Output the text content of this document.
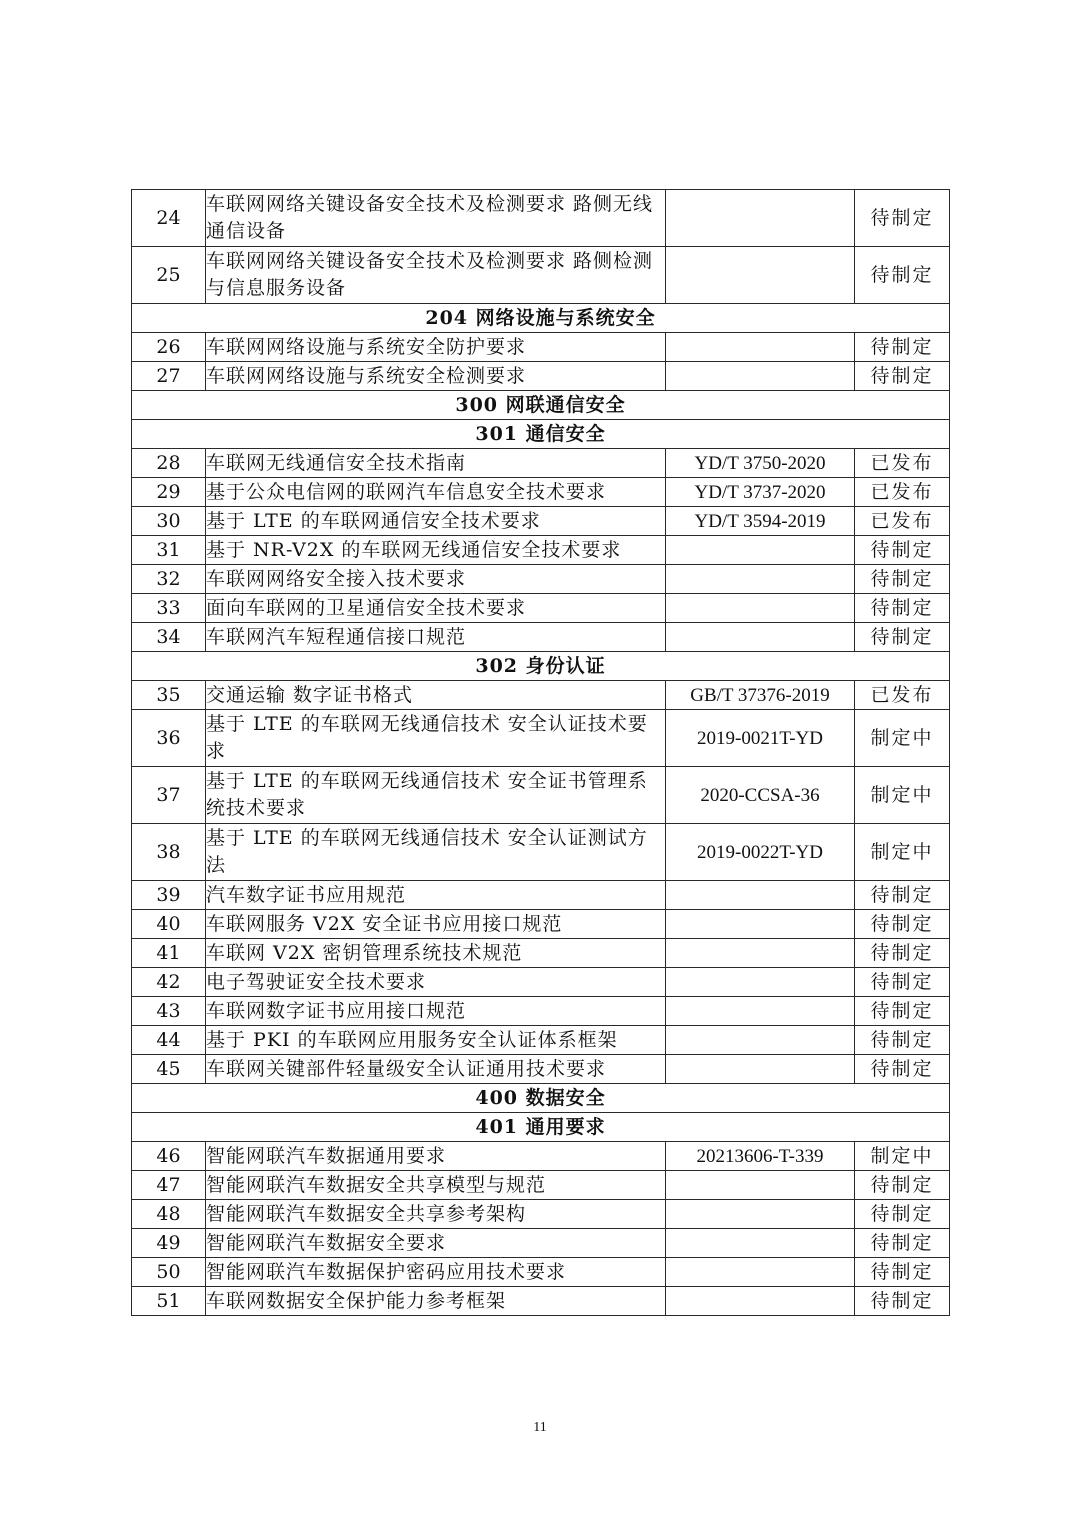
24	车联网网络关键设备安全技术及检测要求 路侧无线通信设备		待制定
25	车联网网络关键设备安全技术及检测要求 路侧检测与信息服务设备		待制定
204 网络设施与系统安全			
26	车联网网络设施与系统安全防护要求		待制定
27	车联网网络设施与系统安全检测要求		待制定
300 网联通信安全			
301 通信安全			
28	车联网无线通信安全技术指南	YD/T 3750-2020	已发布
29	基于公众电信网的联网汽车信息安全技术要求	YD/T 3737-2020	已发布
30	基于 LTE 的车联网通信安全技术要求	YD/T 3594-2019	已发布
31	基于 NR-V2X 的车联网无线通信安全技术要求		待制定
32	车联网网络安全接入技术要求		待制定
33	面向车联网的卫星通信安全技术要求		待制定
34	车联网汽车短程通信接口规范		待制定
302 身份认证			
35	交通运输 数字证书格式	GB/T 37376-2019	已发布
36	基于 LTE 的车联网无线通信技术 安全认证技术要求	2019-0021T-YD	制定中
37	基于 LTE 的车联网无线通信技术 安全证书管理系统技术要求	2020-CCSA-36	制定中
38	基于 LTE 的车联网无线通信技术 安全认证测试方法	2019-0022T-YD	制定中
39	汽车数字证书应用规范		待制定
40	车联网服务 V2X 安全证书应用接口规范		待制定
41	车联网 V2X 密钥管理系统技术规范		待制定
42	电子驾驶证安全技术要求		待制定
43	车联网数字证书应用接口规范		待制定
44	基于 PKI 的车联网应用服务安全认证体系框架		待制定
45	车联网关键部件轻量级安全认证通用技术要求		待制定
400 数据安全			
401 通用要求			
46	智能网联汽车数据通用要求	20213606-T-339	制定中
47	智能网联汽车数据安全共享模型与规范		待制定
48	智能网联汽车数据安全共享参考架构		待制定
49	智能网联汽车数据安全要求		待制定
50	智能网联汽车数据保护密码应用技术要求		待制定
51	车联网数据安全保护能力参考框架		待制定
11
